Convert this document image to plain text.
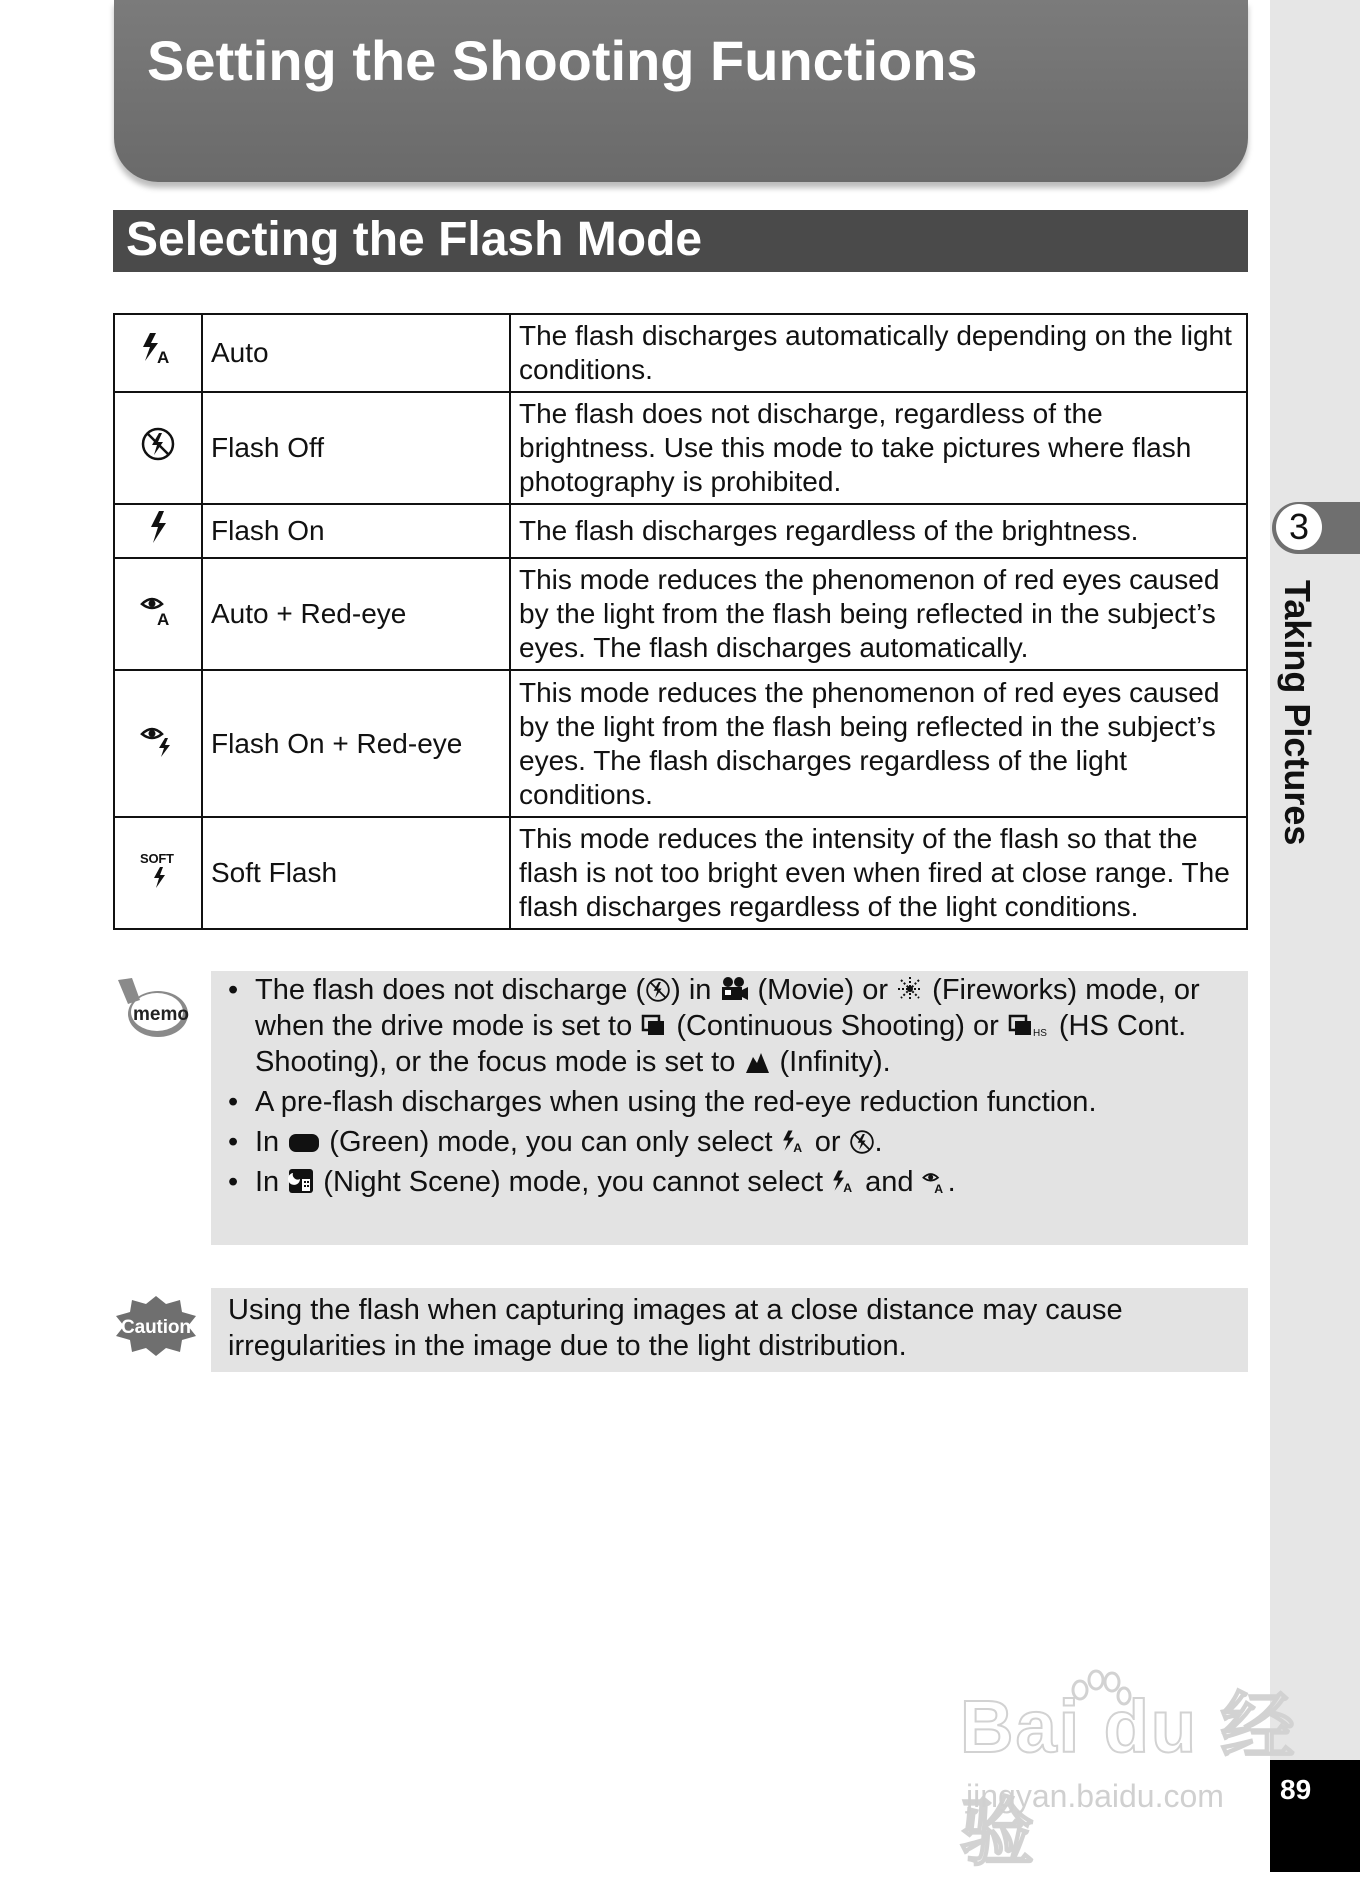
3
Taking Pictures
89
Setting the Shooting Functions
Selecting the Flash Mode
A	Auto	The flash discharges automatically depending on the light conditions.
	Flash Off	The flash does not discharge, regardless of the brightness. Use this mode to take pictures where flash photography is prohibited.
	Flash On	The flash discharges regardless of the brightness.

A	Auto + Red-eye	This mode reduces the phenomenon of red eyes caused by the light from the flash being reflected in the subject’s eyes. The flash discharges automatically.
	Flash On + Red-eye	This mode reduces the phenomenon of red eyes caused by the light from the flash being reflected in the subject’s eyes. The flash discharges regardless of the light conditions.

SOFT	Soft Flash	This mode reduces the intensity of the flash so that the flash is not too bright even when fired at close range. The flash discharges regardless of the light conditions.
memo
• The flash does not discharge ( ) in  (Movie) or  (Fireworks) mode, or when the drive mode is set to  (Continuous Shooting) or	HS (HS Cont. Shooting), or the focus mode is set to  (Infinity).
• A pre-flash discharges when using the red-eye reduction function.
• In  (Green) mode, you can only select A or .
• In  (Night Scene) mode, you cannot select A and A .
Caution
Using the flash when capturing images at a close distance may cause irregularities in the image due to the light distribution.
Bai du 经验
jingyan.baidu.com
